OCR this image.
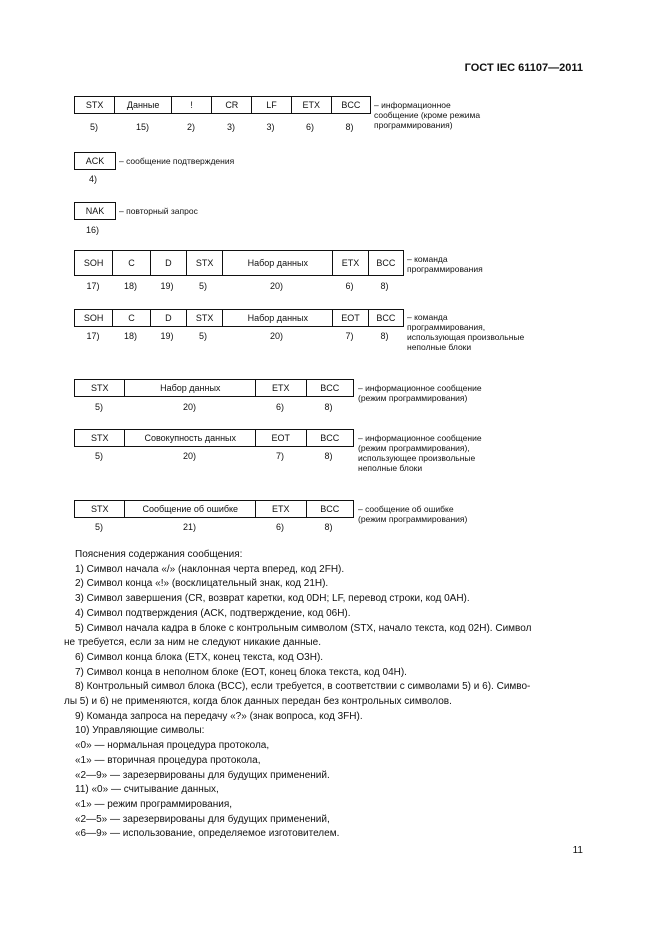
ГОСТ IEC 61107—2011
STX	Данные	!	CR	LF	ETX	BCC
5)	15)	2)	3)	3)	6)	8)
– информационное
сообщение (кроме режима
программирования)
ACK
4)
– сообщение подтверждения
NAK
16)
– повторный запрос
SOH	C	D	STX	Набор данных	ETX	BCC
17)	18)	19)	5)	20)	6)	8)
– команда
программирования
SOH	C	D	STX	Набор данных	EOT	BCC
17)	18)	19)	5)	20)	7)	8)
– команда
программирования,
использующая произвольные
неполные блоки
STX	Набор данных	ETX	BCC
5)	20)	6)	8)
– информационное сообщение
(режим программирования)
STX	Совокупность данных	EOT	BCC
5)	20)	7)	8)
– информационное сообщение
(режим программирования),
использующее произвольные
неполные блоки
STX	Сообщение об ошибке	ETX	BCC
5)	21)	6)	8)
– сообщение об ошибке
(режим программирования)
Пояснения содержания сообщения:
1) Символ начала «/» (наклонная черта вперед, код 2FH).
2) Символ конца «!» (восклицательный знак, код 21H).
3) Символ завершения (CR, возврат каретки, код 0DH; LF, перевод строки, код 0AH).
4) Символ подтверждения (ACK, подтверждение, код 06H).
5) Символ начала кадра в блоке с контрольным символом (STX, начало текста, код 02H). Символ
не требуется, если за ним не следуют никакие данные.
6) Символ конца блока (ETX, конец текста, код O3H).
7) Символ конца в неполном блоке (EOT, конец блока текста, код 04H).
8) Контрольный символ блока (BCC), если требуется, в соответствии с символами 5) и 6). Симво-
лы 5) и 6) не применяются, когда блок данных передан без контрольных символов.
9) Команда запроса на передачу «?» (знак вопроса, код 3FH).
10) Управляющие символы:
«0» — нормальная процедура протокола,
«1» — вторичная процедура протокола,
«2—9» — зарезервированы для будущих применений.
11) «0» — считывание данных,
«1» — режим программирования,
«2—5» — зарезервированы для будущих применений,
«6—9» — использование, определяемое изготовителем.
11
